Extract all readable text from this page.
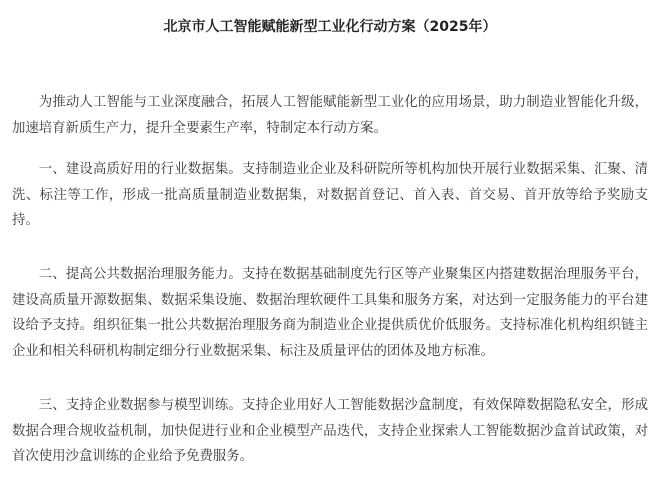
北京市人工智能赋能新型工业化行动方案（2025年）

为推动人工智能与工业深度融合，拓展人工智能赋能新型工业化的应用场景，助力制造业智能化升级，加速培育新质生产力，提升全要素生产率，特制定本行动方案。

一、建设高质好用的行业数据集。支持制造业企业及科研院所等机构加快开展行业数据采集、汇聚、清洗、标注等工作，形成一批高质量制造业数据集，对数据首登记、首入表、首交易、首开放等给予奖励支持。

二、提高公共数据治理服务能力。支持在数据基础制度先行区等产业聚集区内搭建数据治理服务平台，建设高质量开源数据集、数据采集设施、数据治理软硬件工具集和服务方案，对达到一定服务能力的平台建设给予支持。组织征集一批公共数据治理服务商为制造业企业提供质优价低服务。支持标准化机构组织链主企业和相关科研机构制定细分行业数据采集、标注及质量评估的团体及地方标准。

三、支持企业数据参与模型训练。支持企业用好人工智能数据沙盒制度，有效保障数据隐私安全，形成数据合理合规收益机制，加快促进行业和企业模型产品迭代，支持企业探索人工智能数据沙盒首试政策，对首次使用沙盒训练的企业给予免费服务。
